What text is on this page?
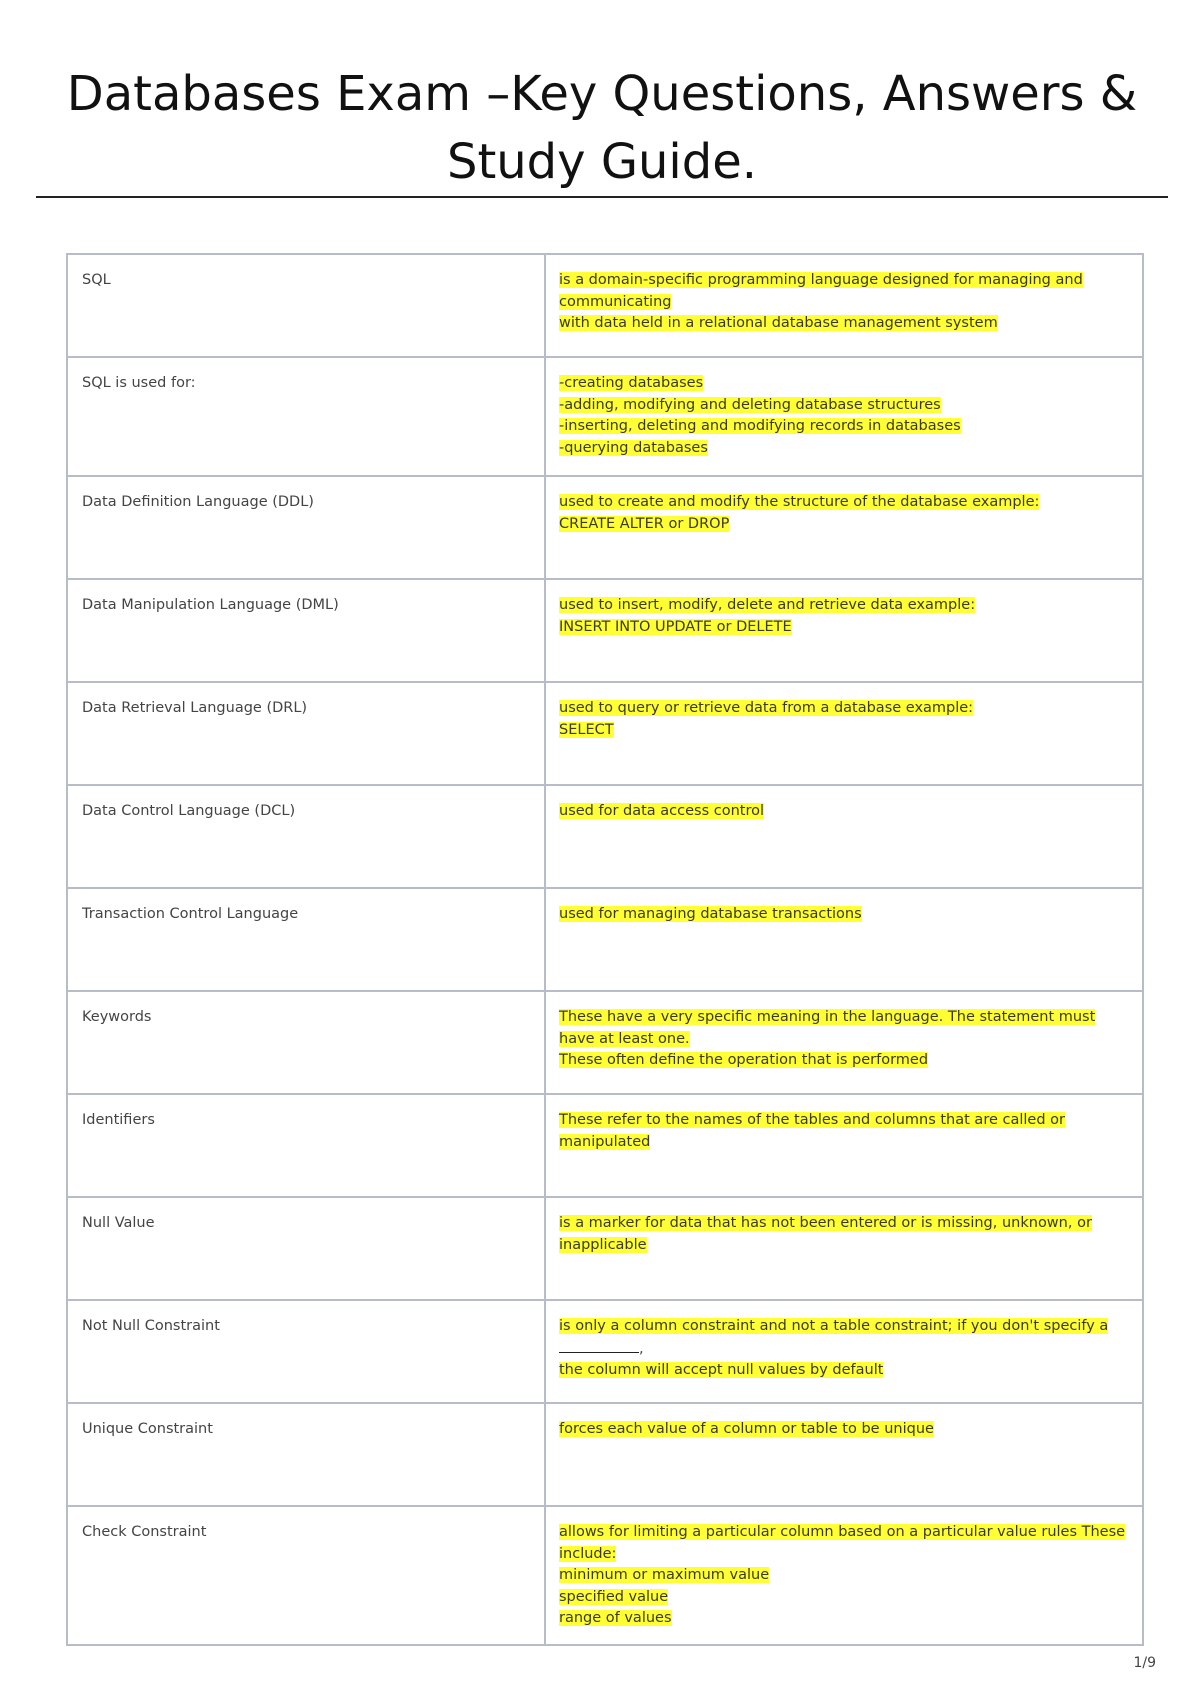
Databases Exam –Key Questions, Answers & Study Guide.
SQL	is a domain-specific programming language designed for managing and communicating
with data held in a relational database management system
SQL is used for:	-creating databases
-adding, modifying and deleting database structures
-inserting, deleting and modifying records in databases
-querying databases
Data Definition Language (DDL)	used to create and modify the structure of the database example:
CREATE ALTER or DROP
Data Manipulation Language (DML)	used to insert, modify, delete and retrieve data example:
INSERT INTO UPDATE or DELETE
Data Retrieval Language (DRL)	used to query or retrieve data from a database example:
SELECT
Data Control Language (DCL)	used for data access control
Transaction Control Language	used for managing database transactions
Keywords	These have a very specific meaning in the language. The statement must have at least one.
These often define the operation that is performed
Identifiers	These refer to the names of the tables and columns that are called or manipulated
Null Value	is a marker for data that has not been entered or is missing, unknown, or inapplicable
Not Null Constraint	is only a column constraint and not a table constraint; if you don't specify a ,
the column will accept null values by default
Unique Constraint	forces each value of a column or table to be unique
Check Constraint	allows for limiting a particular column based on a particular value rules These
include:
minimum or maximum value
specified value
range of values
1/9
